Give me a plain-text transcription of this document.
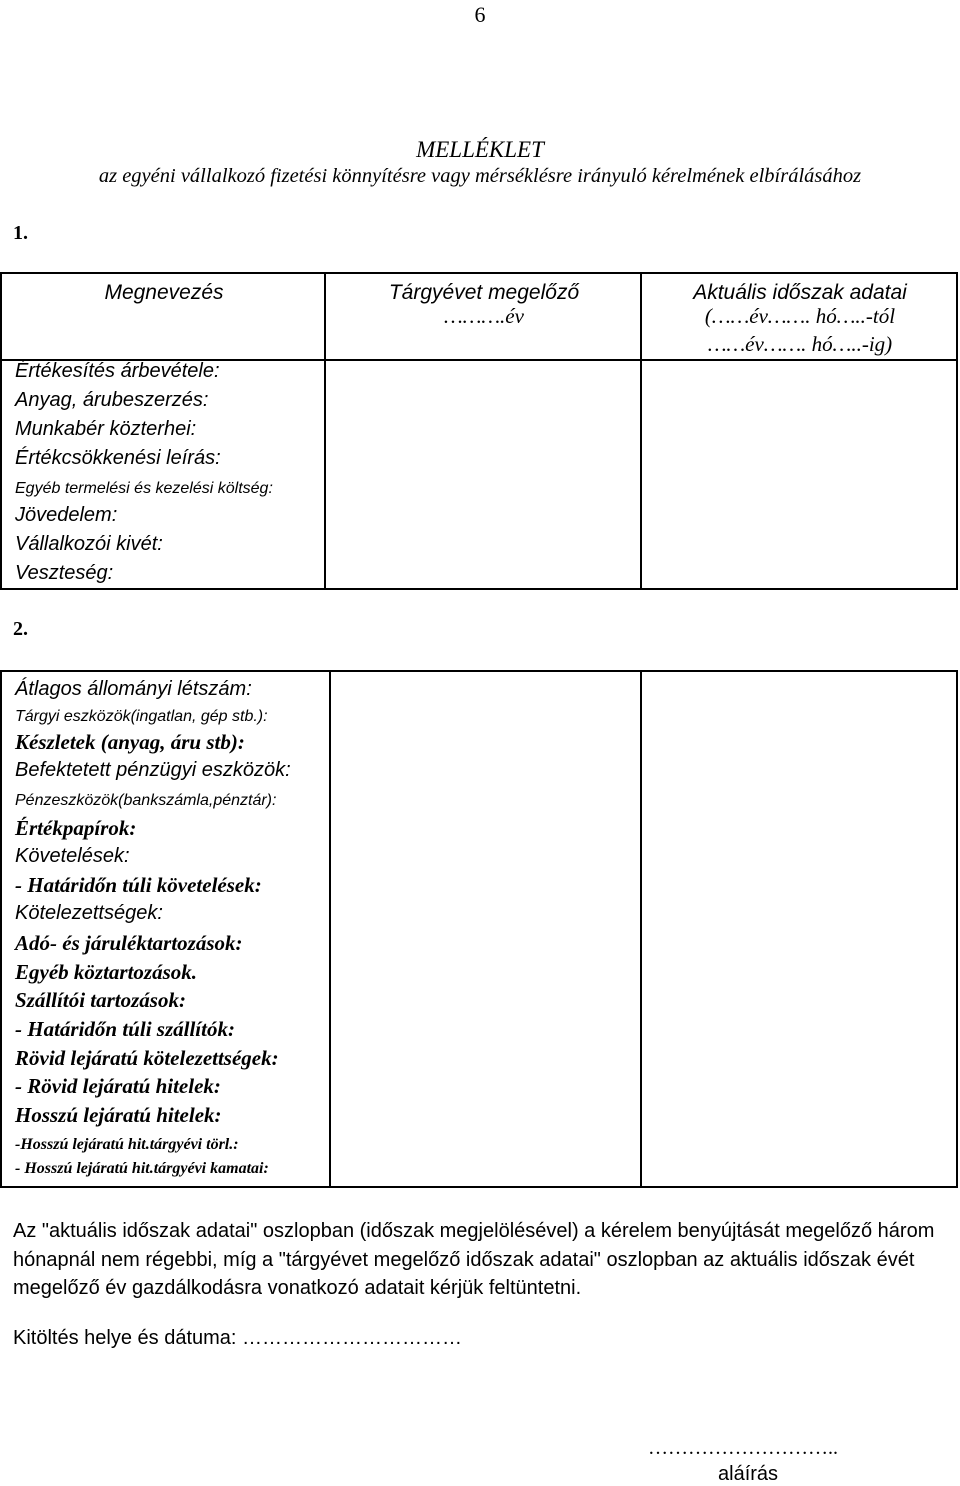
6
MELLÉKLET
az egyéni vállalkozó fizetési könnyítésre vagy mérséklésre irányuló kérelmének elbírálásához
1.
Megnevezés	Tárgyévet megelőző
……….év
Aktuális időszak adatai
(……év……. hó…..-tól
……év……. hó…..-ig)
Értékesítés árbevétele:
Anyag, árubeszerzés:
Munkabér közterhei:
Értékcsökkenési leírás:
Egyéb termelési és kezelési költség:
Jövedelem:
Vállalkozói kivét:
Veszteség:
2.
Átlagos állományi létszám:
Tárgyi eszközök(ingatlan, gép stb.):
Készletek (anyag, áru stb):
Befektetett pénzügyi eszközök:
Pénzeszközök(bankszámla,pénztár):
Értékpapírok:
Követelések:
- Határidőn túli követelések:
Kötelezettségek:
Adó- és járuléktartozások:
Egyéb köztartozások.
Szállítói tartozások:
- Határidőn túli szállítók:
Rövid lejáratú kötelezettségek:
- Rövid lejáratú hitelek:
Hosszú lejáratú hitelek:
-Hosszú lejáratú hit.tárgyévi törl.:
- Hosszú lejáratú hit.tárgyévi kamatai:
Az "aktuális időszak adatai" oszlopban (időszak megjelölésével) a kérelem benyújtását megelőző három hónapnál nem régebbi, míg a "tárgyévet megelőző időszak adatai" oszlopban az aktuális időszak évét megelőző év gazdálkodásra vonatkozó adatait kérjük feltüntetni.
Kitöltés helye és dátuma: ……………………………
………………………..
aláírás
